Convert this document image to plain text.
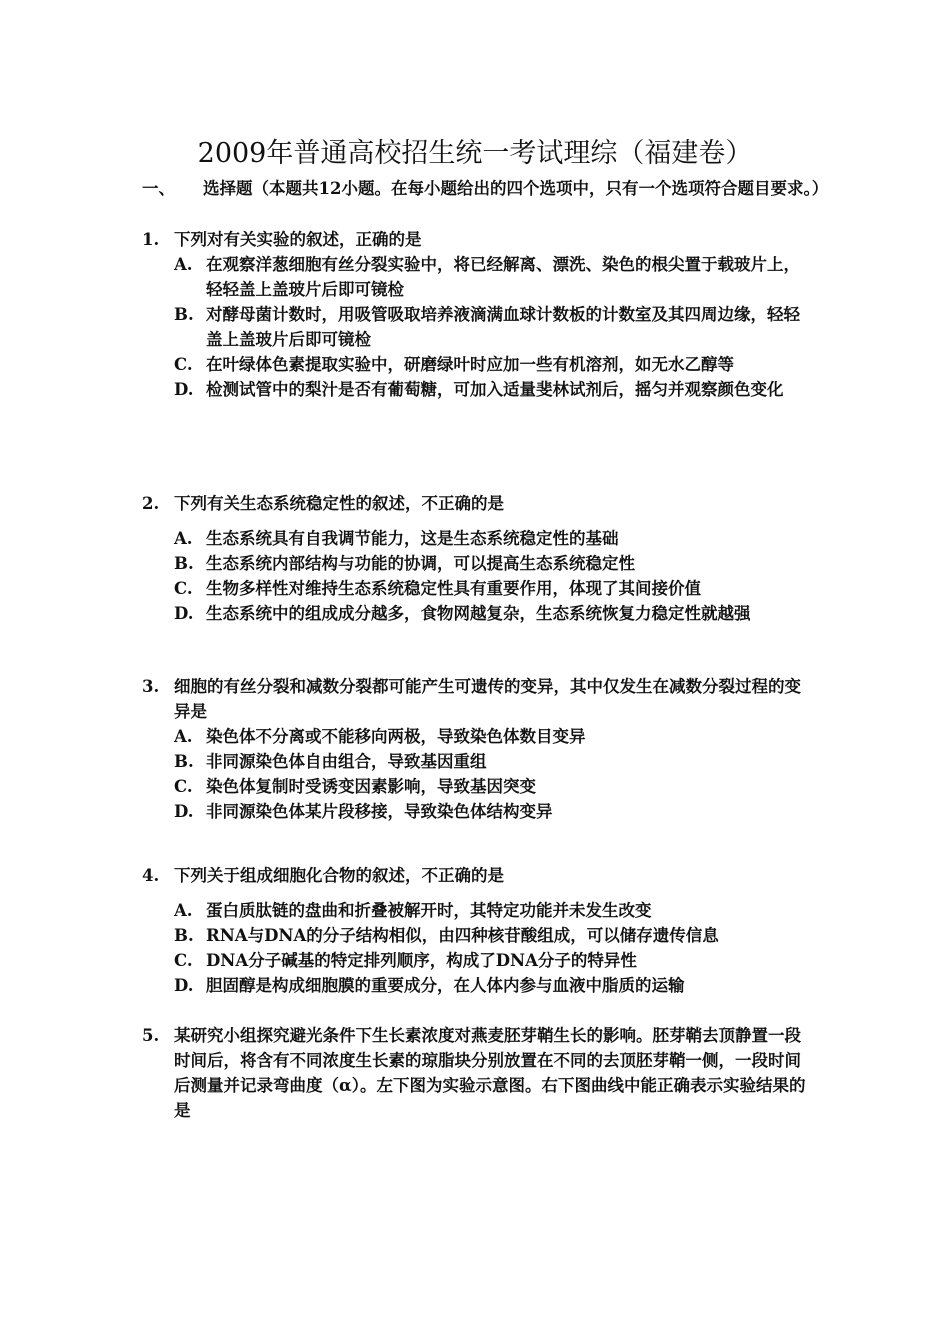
2009年普通高校招生统一考试理综（福建卷）
一、	选择题（本题共12小题。在每小题给出的四个选项中，只有一个选项符合题目要求。）
1. 下列对有关实验的叙述，正确的是
A. 在观察洋葱细胞有丝分裂实验中，将已经解离、漂洗、染色的根尖置于载玻片上，轻轻盖上盖玻片后即可镜检
B. 对酵母菌计数时，用吸管吸取培养液滴满血球计数板的计数室及其四周边缘，轻轻盖上盖玻片后即可镜检
C. 在叶绿体色素提取实验中，研磨绿叶时应加一些有机溶剂，如无水乙醇等
D. 检测试管中的梨汁是否有葡萄糖，可加入适量斐林试剂后，摇匀并观察颜色变化
2. 下列有关生态系统稳定性的叙述，不正确的是
A. 生态系统具有自我调节能力，这是生态系统稳定性的基础
B. 生态系统内部结构与功能的协调，可以提高生态系统稳定性
C. 生物多样性对维持生态系统稳定性具有重要作用，体现了其间接价值
D. 生态系统中的组成成分越多，食物网越复杂，生态系统恢复力稳定性就越强
3. 细胞的有丝分裂和减数分裂都可能产生可遗传的变异，其中仅发生在减数分裂过程的变异是
A. 染色体不分离或不能移向两极，导致染色体数目变异
B. 非同源染色体自由组合，导致基因重组
C. 染色体复制时受诱变因素影响，导致基因突变
D. 非同源染色体某片段移接，导致染色体结构变异
4. 下列关于组成细胞化合物的叙述，不正确的是
A. 蛋白质肽链的盘曲和折叠被解开时，其特定功能并未发生改变
B. RNA与DNA的分子结构相似，由四种核苷酸组成，可以储存遗传信息
C. DNA分子碱基的特定排列顺序，构成了DNA分子的特异性
D. 胆固醇是构成细胞膜的重要成分，在人体内参与血液中脂质的运输
5. 某研究小组探究避光条件下生长素浓度对燕麦胚芽鞘生长的影响。胚芽鞘去顶静置一段时间后，将含有不同浓度生长素的琼脂块分别放置在不同的去顶胚芽鞘一侧，一段时间后测量并记录弯曲度（α）。左下图为实验示意图。右下图曲线中能正确表示实验结果的是
